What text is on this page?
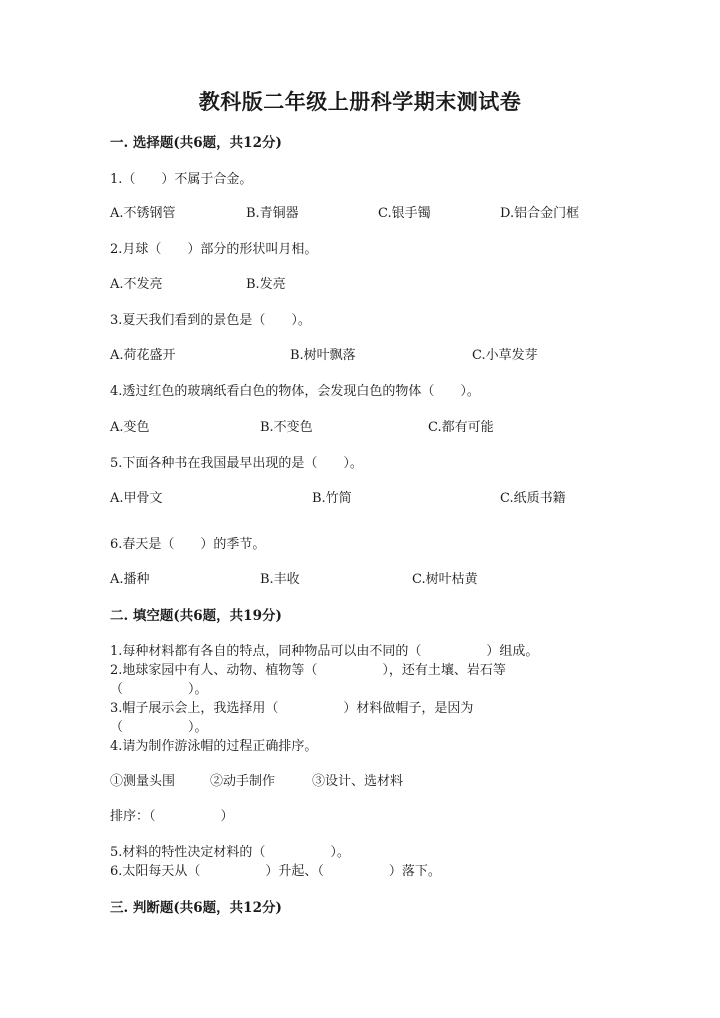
教科版二年级上册科学期末测试卷
一. 选择题(共6题，共12分)
1.（　　）不属于合金。
A.不锈钢管	B.青铜器	C.银手镯	D.铝合金门框
2.月球（　　）部分的形状叫月相。
A.不发亮	B.发亮
3.夏天我们看到的景色是（　　）。
A.荷花盛开	B.树叶飘落	C.小草发芽
4.透过红色的玻璃纸看白色的物体，会发现白色的物体（　　）。
A.变色	B.不变色	C.都有可能
5.下面各种书在我国最早出现的是（　　）。
A.甲骨文	B.竹简	C.纸质书籍
6.春天是（　　）的季节。
A.播种	B.丰收	C.树叶枯黄
二. 填空题(共6题，共19分)
1.每种材料都有各自的特点，同种物品可以由不同的（　　　　　）组成。
2.地球家园中有人、动物、植物等（　　　　　），还有土壤、岩石等
（　　　　　）。
3.帽子展示会上，我选择用（　　　　　）材料做帽子，是因为
（　　　　　）。
4.请为制作游泳帽的过程正确排序。
①测量头围	②动手制作	③设计、选材料
排序：（　　　　　）
5.材料的特性决定材料的（　　　　　）。
6.太阳每天从（　　　　　）升起、（　　　　　）落下。
三. 判断题(共6题，共12分)
